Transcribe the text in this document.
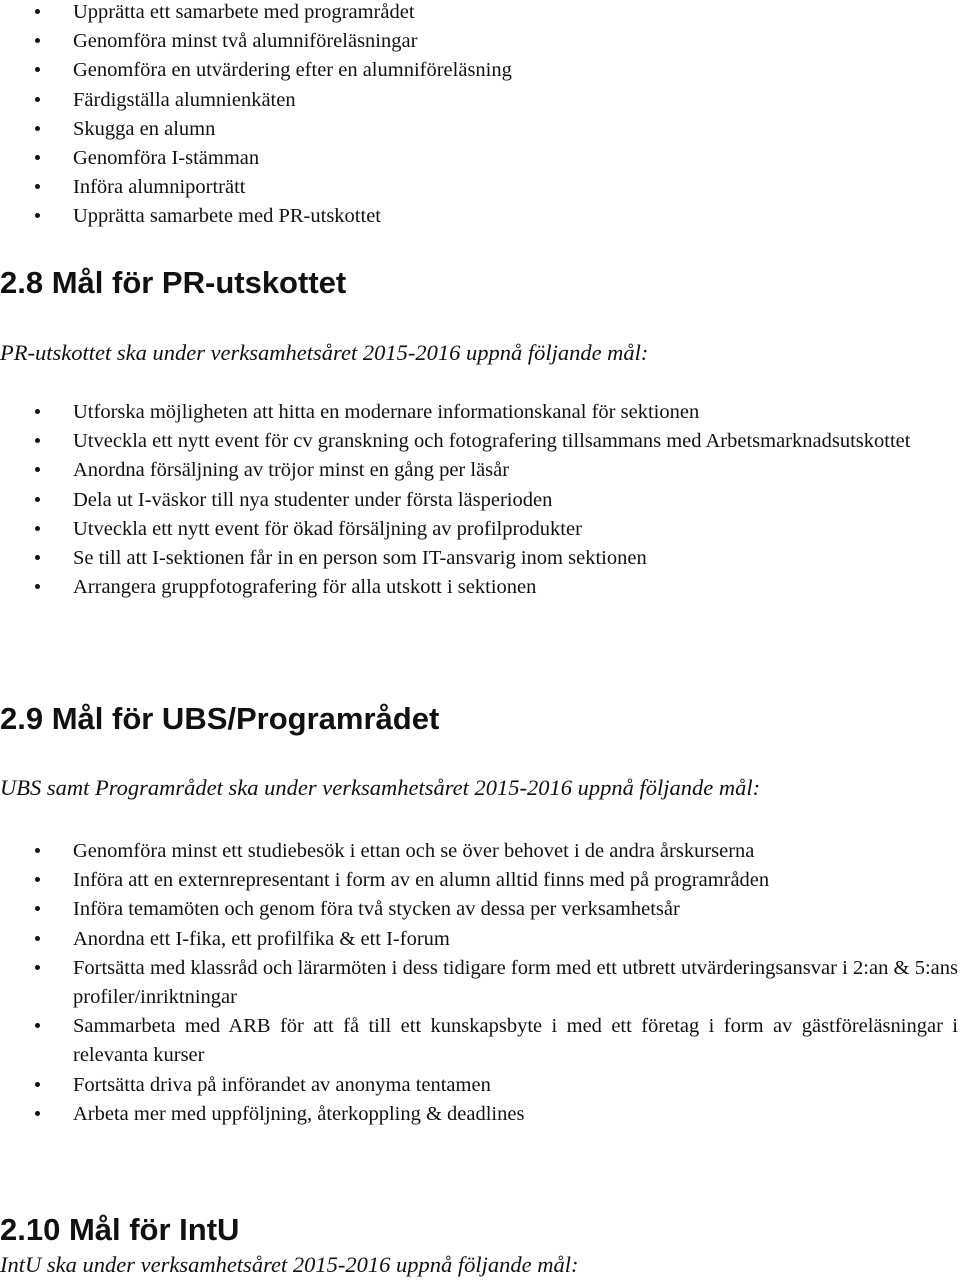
Upprätta ett samarbete med programrådet
Genomföra minst två alumniföreläsningar
Genomföra en utvärdering efter en alumniföreläsning
Färdigställa alumnienkäten
Skugga en alumn
Genomföra I-stämman
Införa alumniporträtt
Upprätta samarbete med PR-utskottet
2.8 Mål för PR-utskottet

PR-utskottet ska under verksamhetsåret 2015-2016 uppnå följande mål:

Utforska möjligheten att hitta en modernare informationskanal för sektionen
Utveckla ett nytt event för cv granskning och fotografering tillsammans med Arbetsmarknadsutskottet
Anordna försäljning av tröjor minst en gång per läsår
Dela ut I-väskor till nya studenter under första läsperioden
Utveckla ett nytt event för ökad försäljning av profilprodukter
Se till att I-sektionen får in en person som IT-ansvarig inom sektionen
Arrangera gruppfotografering för alla utskott i sektionen
2.9 Mål för UBS/Programrådet

UBS samt Programrådet ska under verksamhetsåret 2015-2016 uppnå följande mål:

Genomföra minst ett studiebesök i ettan och se över behovet i de andra årskurserna
Införa att en externrepresentant i form av en alumn alltid finns med på programråden
Införa temamöten och genom föra två stycken av dessa per verksamhetsår
Anordna ett I-fika, ett profilfika & ett I-forum
Fortsätta med klassråd och lärarmöten i dess tidigare form med ett utbrett utvärderingsansvar i 2:an & 5:ans profiler/inriktningar
Sammarbeta med ARB för att få till ett kunskapsbyte i med ett företag i form av gästföreläsningar i relevanta kurser
Fortsätta driva på införandet av anonyma tentamen
Arbeta mer med uppföljning, återkoppling & deadlines
2.10 Mål för IntU

IntU ska under verksamhetsåret 2015-2016 uppnå följande mål:
